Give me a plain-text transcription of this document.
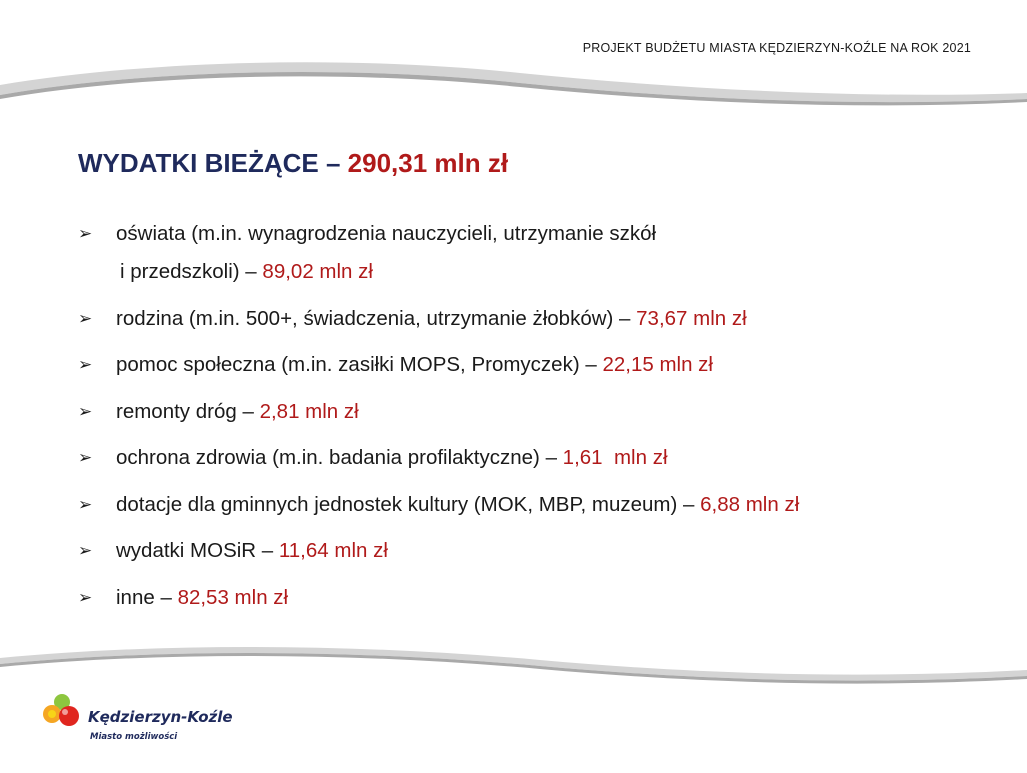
PROJEKT BUDŻETU MIASTA KĘDZIERZYN-KOŹLE NA ROK 2021
WYDATKI BIEŻĄCE – 290,31 mln zł
➢ oświata (m.in. wynagrodzenia nauczycieli, utrzymanie szkół
i przedszkoli) – 89,02 mln zł
➢ rodzina (m.in. 500+, świadczenia, utrzymanie żłobków) – 73,67 mln zł
➢ pomoc społeczna (m.in. zasiłki MOPS, Promyczek) – 22,15 mln zł
➢ remonty dróg – 2,81 mln zł
➢ ochrona zdrowia (m.in. badania profilaktyczne) – 1,61  mln zł
➢ dotacje dla gminnych jednostek kultury (MOK, MBP, muzeum) – 6,88 mln zł
➢ wydatki MOSiR – 11,64 mln zł
➢ inne – 82,53 mln zł
Kędzierzyn-Koźle
Miasto możliwości
